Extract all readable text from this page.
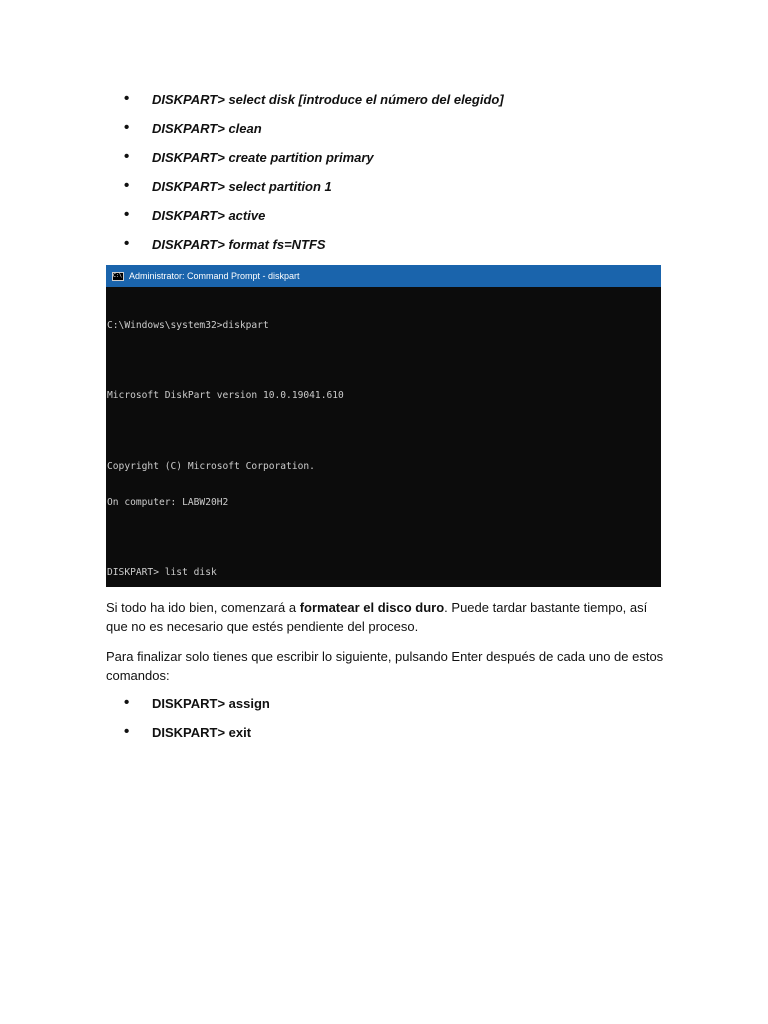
• DISKPART> select disk [introduce el número del elegido]
• DISKPART> clean
• DISKPART> create partition primary
• DISKPART> select partition 1
• DISKPART> active
• DISKPART> format fs=NTFS
C:\ Administrator: Command Prompt - diskpart

C:\Windows\system32>diskpart

Microsoft DiskPart version 10.0.19041.610

Copyright (C) Microsoft Corporation.

On computer: LABW20H2

DISKPART> list disk

Si todo ha ido bien, comenzará a formatear el disco duro. Puede tardar bastante tiempo, así que no es necesario que estés pendiente del proceso.

Para finalizar solo tienes que escribir lo siguiente, pulsando Enter después de cada uno de estos comandos:

• DISKPART> assign
• DISKPART> exit
